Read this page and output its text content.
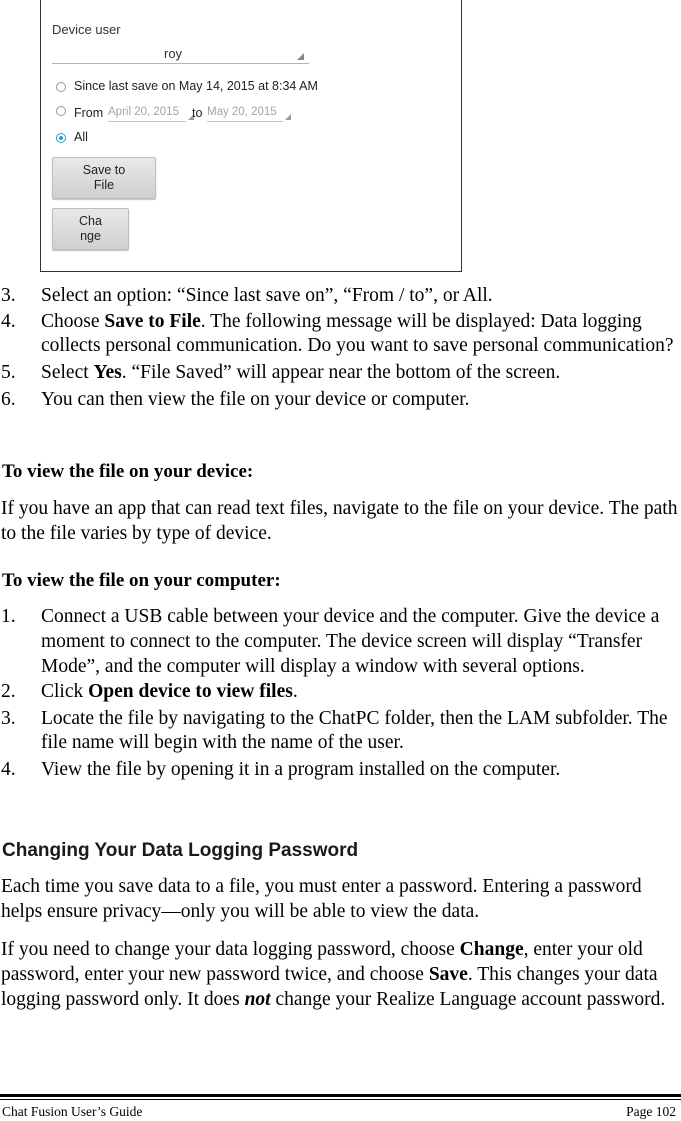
Device user
roy
Since last save on May 14, 2015 at 8:34 AM
From April 20, 2015	to May 20, 2015
All
Save to
File
Cha
nge
3. Select an option: “Since last save on”, “From / to”, or All.
4. Choose Save to File. The following message will be displayed: Data logging collects personal communication. Do you want to save personal communication?
5. Select Yes. “File Saved” will appear near the bottom of the screen.
6. You can then view the file on your device or computer.
To view the file on your device:
If you have an app that can read text files, navigate to the file on your device. The path to the file varies by type of device.
To view the file on your computer:
1. Connect a USB cable between your device and the computer. Give the device a moment to connect to the computer. The device screen will display “Transfer Mode”, and the computer will display a window with several options.
2. Click Open device to view files.
3. Locate the file by navigating to the ChatPC folder, then the LAM subfolder. The file name will begin with the name of the user.
4. View the file by opening it in a program installed on the computer.
Changing Your Data Logging Password
Each time you save data to a file, you must enter a password. Entering a password helps ensure privacy—only you will be able to view the data.
If you need to change your data logging password, choose Change, enter your old password, enter your new password twice, and choose Save. This changes your data logging password only. It does not change your Realize Language account password.
Chat Fusion User’s Guide	Page 102
